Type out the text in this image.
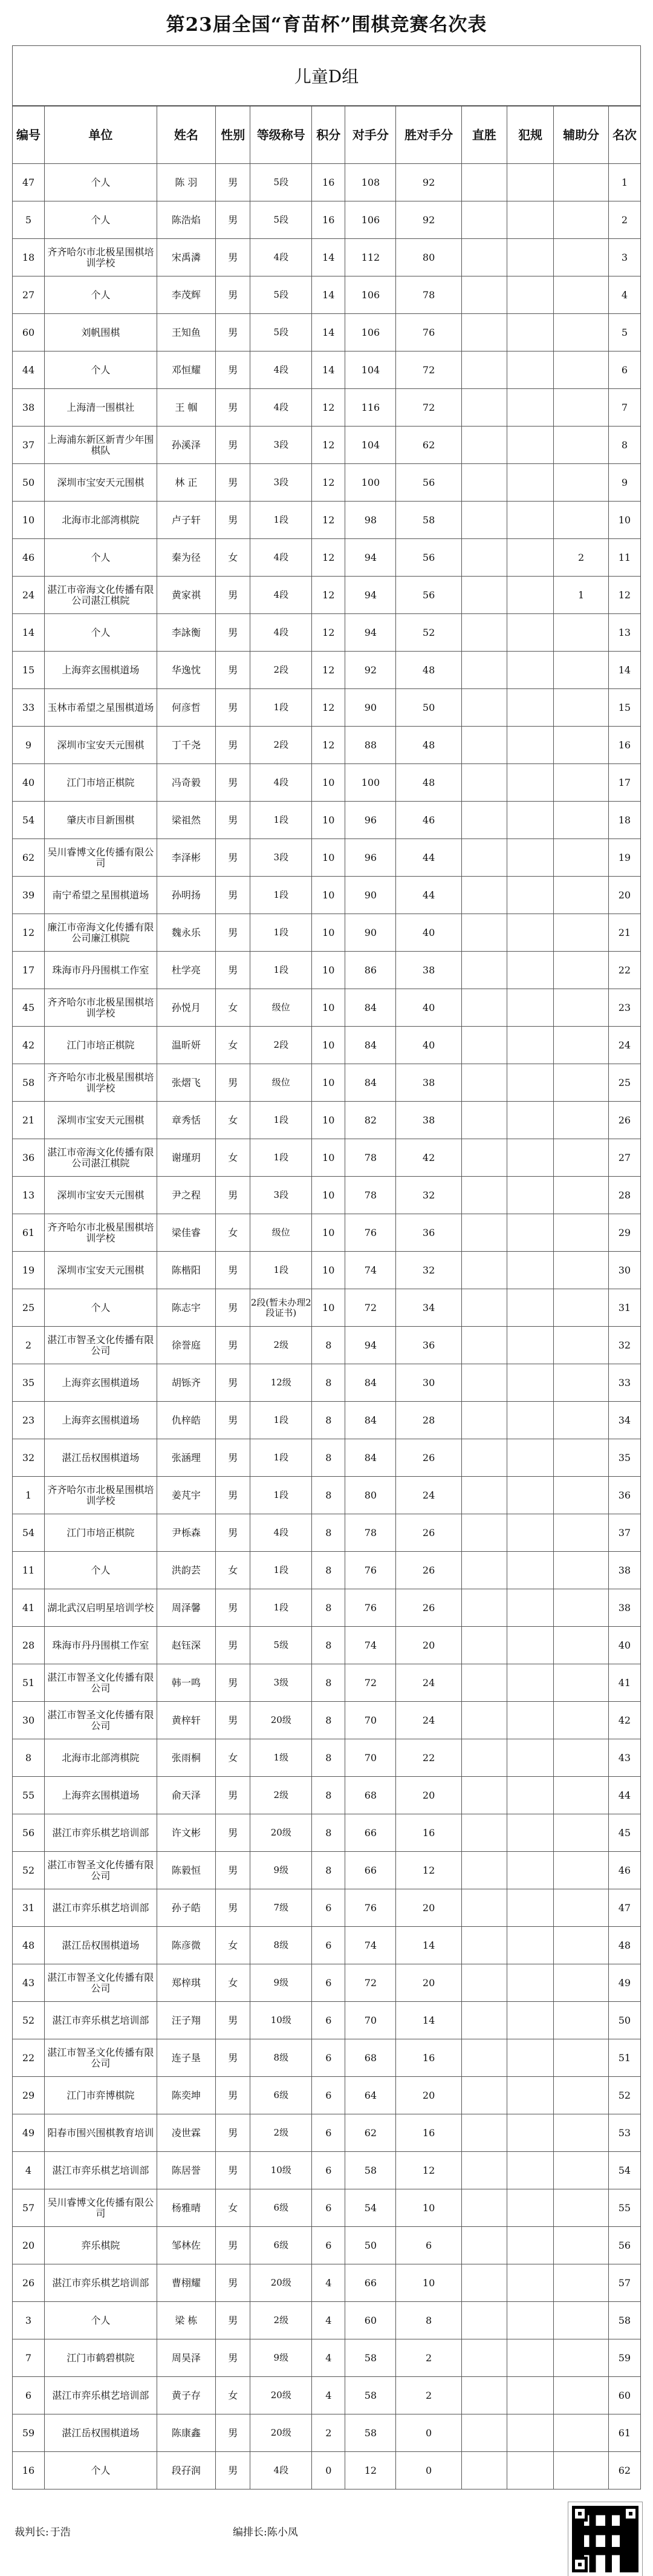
第23届全国“育苗杯”围棋竞赛名次表
儿童D组
编号	单位	姓名	性别	等级称号	积分	对手分	胜对手分	直胜	犯规	辅助分	名次
47	个人	陈 羽	男	5段	16	108	92				1
5	个人	陈浩焰	男	5段	16	106	92				2
18	齐齐哈尔市北极星围棋培训学校	宋禹潾	男	4段	14	112	80				3
27	个人	李茂辉	男	5段	14	106	78				4
60	刘帆围棋	王知鱼	男	5段	14	106	76				5
44	个人	邓恒耀	男	4段	14	104	72				6
38	上海清一围棋社	王 帼	男	4段	12	116	72				7
37	上海浦东新区新青少年围棋队	孙溪泽	男	3段	12	104	62				8
50	深圳市宝安天元围棋	林 正	男	3段	12	100	56				9
10	北海市北部湾棋院	卢子轩	男	1段	12	98	58				10
46	个人	秦为径	女	4段	12	94	56			2	11
24	湛江市帝海文化传播有限公司湛江棋院	黄家祺	男	4段	12	94	56			1	12
14	个人	李詠衡	男	4段	12	94	52				13
15	上海弈玄围棋道场	华逸忱	男	2段	12	92	48				14
33	玉林市希望之星围棋道场	何彦哲	男	1段	12	90	50				15
9	深圳市宝安天元围棋	丁千尧	男	2段	12	88	48				16
40	江门市培正棋院	冯奇毅	男	4段	10	100	48				17
54	肇庆市目新围棋	梁祖然	男	1段	10	96	46				18
62	吴川睿博文化传播有限公司	李泽彬	男	3段	10	96	44				19
39	南宁希望之星围棋道场	孙明扬	男	1段	10	90	44				20
12	廉江市帝海文化传播有限公司廉江棋院	魏永乐	男	1段	10	90	40				21
17	珠海市丹丹围棋工作室	杜学亮	男	1段	10	86	38				22
45	齐齐哈尔市北极星围棋培训学校	孙悦月	女	级位	10	84	40				23
42	江门市培正棋院	温昕妍	女	2段	10	84	40				24
58	齐齐哈尔市北极星围棋培训学校	张熠飞	男	级位	10	84	38				25
21	深圳市宝安天元围棋	章秀恬	女	1段	10	82	38				26
36	湛江市帝海文化传播有限公司湛江棋院	谢瑾玥	女	1段	10	78	42				27
13	深圳市宝安天元围棋	尹之程	男	3段	10	78	32				28
61	齐齐哈尔市北极星围棋培训学校	梁佳睿	女	级位	10	76	36				29
19	深圳市宝安天元围棋	陈楷阳	男	1段	10	74	32				30
25	个人	陈志宇	男	2段(暂未办理2段证书)	10	72	34				31
2	湛江市智圣文化传播有限公司	徐誉庭	男	2级	8	94	36				32
35	上海弈玄围棋道场	胡铄齐	男	12级	8	84	30				33
23	上海弈玄围棋道场	仇梓皓	男	1段	8	84	28				34
32	湛江岳权围棋道场	张涵理	男	1段	8	84	26				35
1	齐齐哈尔市北极星围棋培训学校	姜芃宇	男	1段	8	80	24				36
54	江门市培正棋院	尹栎森	男	4段	8	78	26				37
11	个人	洪韵芸	女	1段	8	76	26				38
41	湖北武汉启明星培训学校	周泽馨	男	1段	8	76	26				38
28	珠海市丹丹围棋工作室	赵钰深	男	5级	8	74	20				40
51	湛江市智圣文化传播有限公司	韩一鸣	男	3级	8	72	24				41
30	湛江市智圣文化传播有限公司	黄梓轩	男	20级	8	70	24				42
8	北海市北部湾棋院	张雨桐	女	1级	8	70	22				43
55	上海弈玄围棋道场	俞天泽	男	2级	8	68	20				44
56	湛江市弈乐棋艺培训部	许文彬	男	20级	8	66	16				45
52	湛江市智圣文化传播有限公司	陈毅恒	男	9级	8	66	12				46
31	湛江市弈乐棋艺培训部	孙子皓	男	7级	6	76	20				47
48	湛江岳权围棋道场	陈彦微	女	8级	6	74	14				48
43	湛江市智圣文化传播有限公司	郑梓琪	女	9级	6	72	20				49
52	湛江市弈乐棋艺培训部	汪子翔	男	10级	6	70	14				50
22	湛江市智圣文化传播有限公司	连子垦	男	8级	6	68	16				51
29	江门市弈博棋院	陈奕坤	男	6级	6	64	20				52
49	阳春市围兴围棋教育培训	凌世霖	男	2级	6	62	16				53
4	湛江市弈乐棋艺培训部	陈居誉	男	10级	6	58	12				54
57	吴川睿博文化传播有限公司	杨雅晴	女	6级	6	54	10				55
20	弈乐棋院	邹林佐	男	6级	6	50	6				56
26	湛江市弈乐棋艺培训部	曹栩耀	男	20级	4	66	10				57
3	个人	梁 栋	男	2级	4	60	8				58
7	江门市鹤碧棋院	周昊泽	男	9级	4	58	2				59
6	湛江市弈乐棋艺培训部	黄子存	女	20级	4	58	2				60
59	湛江岳权围棋道场	陈康鑫	男	20级	2	58	0				61
16	个人	段孖润	男	4段	0	12	0				62
裁判长: 于浩	编排长:陈小凤
